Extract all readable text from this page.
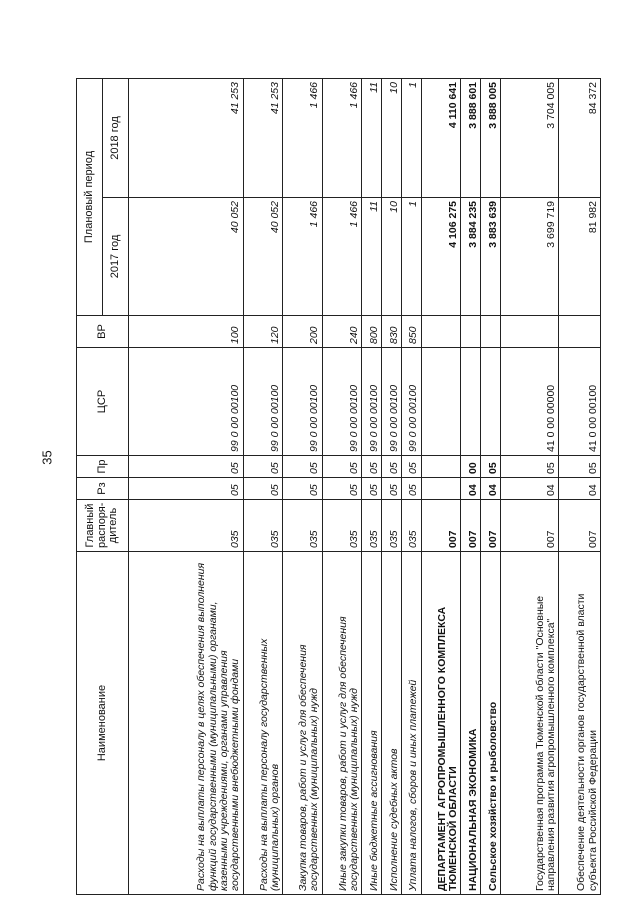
35
Наименование	Главный распоря-дитель	Рз	Пр	ЦСР	ВР	Плановый период	
						2017 год	2018 год
Расходы на выплаты персоналу в целях обеспечения выполнения функций государственными (муниципальными) органами, казенными учреждениями, органами управления государственными внебюджетными фондами	035	05	05	99 0 00 00100	100	40 052	41 253
Расходы на выплаты персоналу государственных (муниципальных) органов	035	05	05	99 0 00 00100	120	40 052	41 253
Закупка товаров, работ и услуг для обеспечения государственных (муниципальных) нужд	035	05	05	99 0 00 00100	200	1 466	1 466
Иные закупки товаров, работ и услуг для обеспечения государственных (муниципальных) нужд	035	05	05	99 0 00 00100	240	1 466	1 466
Иные бюджетные ассигнования	035	05	05	99 0 00 00100	800	11	11
Исполнение судебных актов	035	05	05	99 0 00 00100	830	10	10
Уплата налогов, сборов и иных платежей	035	05	05	99 0 00 00100	850	1	1
ДЕПАРТАМЕНТ АГРОПРОМЫШЛЕННОГО КОМПЛЕКСА ТЮМЕНСКОЙ ОБЛАСТИ	007					4 106 275	4 110 641
НАЦИОНАЛЬНАЯ ЭКОНОМИКА	007	04	00			3 884 235	3 888 601
Сельское хозяйство и рыболовство	007	04	05			3 883 639	3 888 005
Государственная программа Тюменской области "Основные направления развития агропромышленного комплекса"	007	04	05	41 0 00 00000		3 699 719	3 704 005
Обеспечение деятельности органов государственной власти субъекта Российской Федерации	007	04	05	41 0 00 00100		81 982	84 372
